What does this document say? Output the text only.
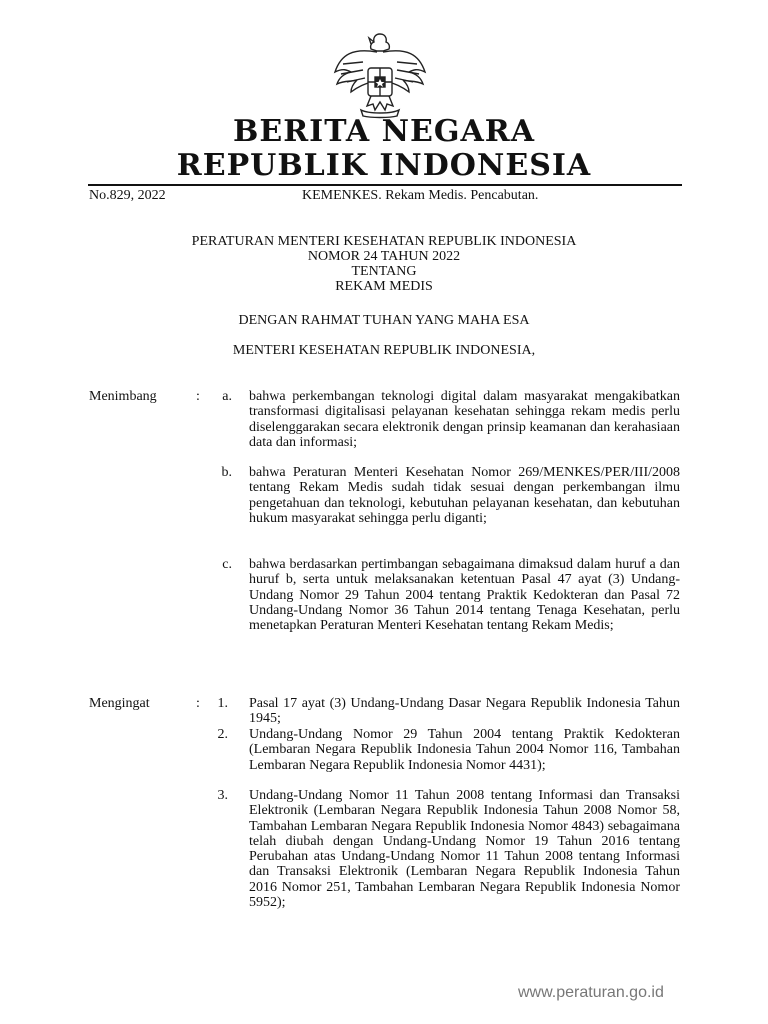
BERITA NEGARA
REPUBLIK INDONESIA
No.829, 2022	KEMENKES. Rekam Medis. Pencabutan.
PERATURAN MENTERI KESEHATAN REPUBLIK INDONESIA
NOMOR 24 TAHUN 2022
TENTANG
REKAM MEDIS
DENGAN RAHMAT TUHAN YANG MAHA ESA
MENTERI KESEHATAN REPUBLIK INDONESIA,
Menimbang	:	a. bahwa perkembangan teknologi digital dalam masyarakat mengakibatkan transformasi digitalisasi pelayanan kesehatan sehingga rekam medis perlu diselenggarakan secara elektronik dengan prinsip keamanan dan kerahasiaan data dan informasi;
b. bahwa Peraturan Menteri Kesehatan Nomor 269/MENKES/PER/III/2008 tentang Rekam Medis sudah tidak sesuai dengan perkembangan ilmu pengetahuan dan teknologi, kebutuhan pelayanan kesehatan, dan kebutuhan hukum masyarakat sehingga perlu diganti;
c. bahwa berdasarkan pertimbangan sebagaimana dimaksud dalam huruf a dan huruf b, serta untuk melaksanakan ketentuan Pasal 47 ayat (3) Undang-Undang Nomor 29 Tahun 2004 tentang Praktik Kedokteran dan Pasal 72 Undang-Undang Nomor 36 Tahun 2014 tentang Tenaga Kesehatan, perlu menetapkan Peraturan Menteri Kesehatan tentang Rekam Medis;
Mengingat	:	1. Pasal 17 ayat (3) Undang-Undang Dasar Negara Republik Indonesia Tahun 1945;
2. Undang-Undang Nomor 29 Tahun 2004 tentang Praktik Kedokteran (Lembaran Negara Republik Indonesia Tahun 2004 Nomor 116, Tambahan Lembaran Negara Republik Indonesia Nomor 4431);
3. Undang-Undang Nomor 11 Tahun 2008 tentang Informasi dan Transaksi Elektronik (Lembaran Negara Republik Indonesia Tahun 2008 Nomor 58, Tambahan Lembaran Negara Republik Indonesia Nomor 4843) sebagaimana telah diubah dengan Undang-Undang Nomor 19 Tahun 2016 tentang Perubahan atas Undang-Undang Nomor 11 Tahun 2008 tentang Informasi dan Transaksi Elektronik (Lembaran Negara Republik Indonesia Tahun 2016 Nomor 251, Tambahan Lembaran Negara Republik Indonesia Nomor 5952);
www.peraturan.go.id
